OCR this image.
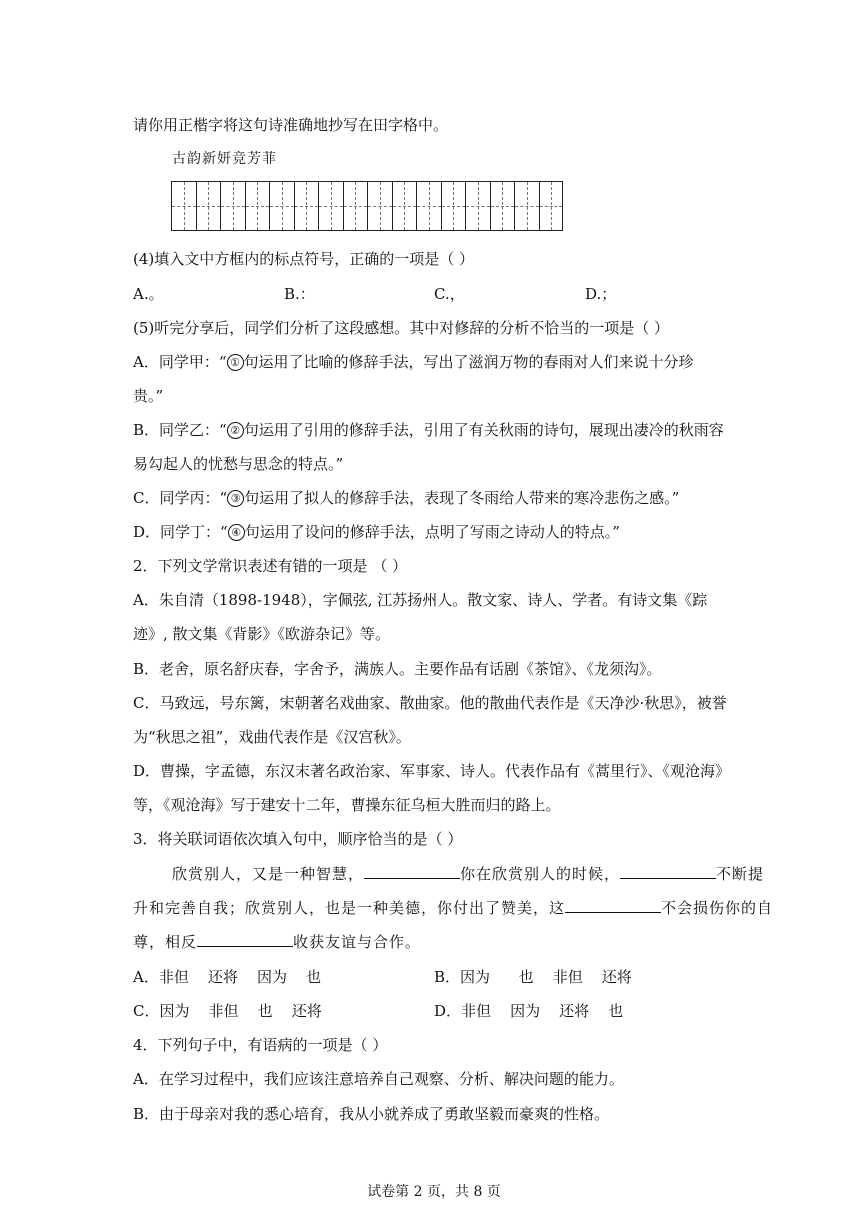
请你用正楷字将这句诗准确地抄写在田字格中。
古韵新妍竞芳菲
(4)填入文中方框内的标点符号，正确的一项是（ ）
A.。	B.：	C.，	D.；
(5)听完分享后，同学们分析了这段感想。其中对修辞的分析不恰当的一项是（ ）
A．同学甲：“ ① 句运用了比喻的修辞手法，写出了滋润万物的春雨对人们来说十分珍
贵。”
B．同学乙：“ ② 句运用了引用的修辞手法，引用了有关秋雨的诗句，展现出凄冷的秋雨容
易勾起人的忧愁与思念的特点。”
C．同学丙：“ ③ 句运用了拟人的修辞手法，表现了冬雨给人带来的寒冷悲伤之感。”
D．同学丁：“ ④ 句运用了设问的修辞手法，点明了写雨之诗动人的特点。”
2．下列文学常识表述有错的一项是 （ ）
A．朱自清（1898-1948），字佩弦, 江苏扬州人。散文家、诗人、学者。有诗文集《踪
迹》, 散文集《背影》《欧游杂记》等。
B．老舍，原名舒庆春，字舍予，满族人。主要作品有话剧《茶馆》、《龙须沟》。
C．马致远，号东篱，宋朝著名戏曲家、散曲家。他的散曲代表作是《天净沙·秋思》，被誉
为“秋思之祖”，戏曲代表作是《汉宫秋》。
D．曹操，字孟德，东汉末著名政治家、军事家、诗人。代表作品有《蒿里行》、《观沧海》
等，《观沧海》写于建安十二年，曹操东征乌桓大胜而归的路上。
3．将关联词语依次填入句中，顺序恰当的是（ ）
欣赏别人，又是一种智慧，	你在欣赏别人的时候，	不断提
升和完善自我；欣赏别人，也是一种美德，你付出了赞美，这	不会损伤你的自
尊，相反	收获友谊与合作。
A．非但    还将    因为    也	B．因为      也    非但    还将
C．因为    非但    也    还将	D．非但    因为    还将    也
4．下列句子中，有语病的一项是（ ）
A．在学习过程中，我们应该注意培养自己观察、分析、解决问题的能力。
B．由于母亲对我的悉心培育，我从小就养成了勇敢坚毅而豪爽的性格。
试卷第 2 页，共 8 页
